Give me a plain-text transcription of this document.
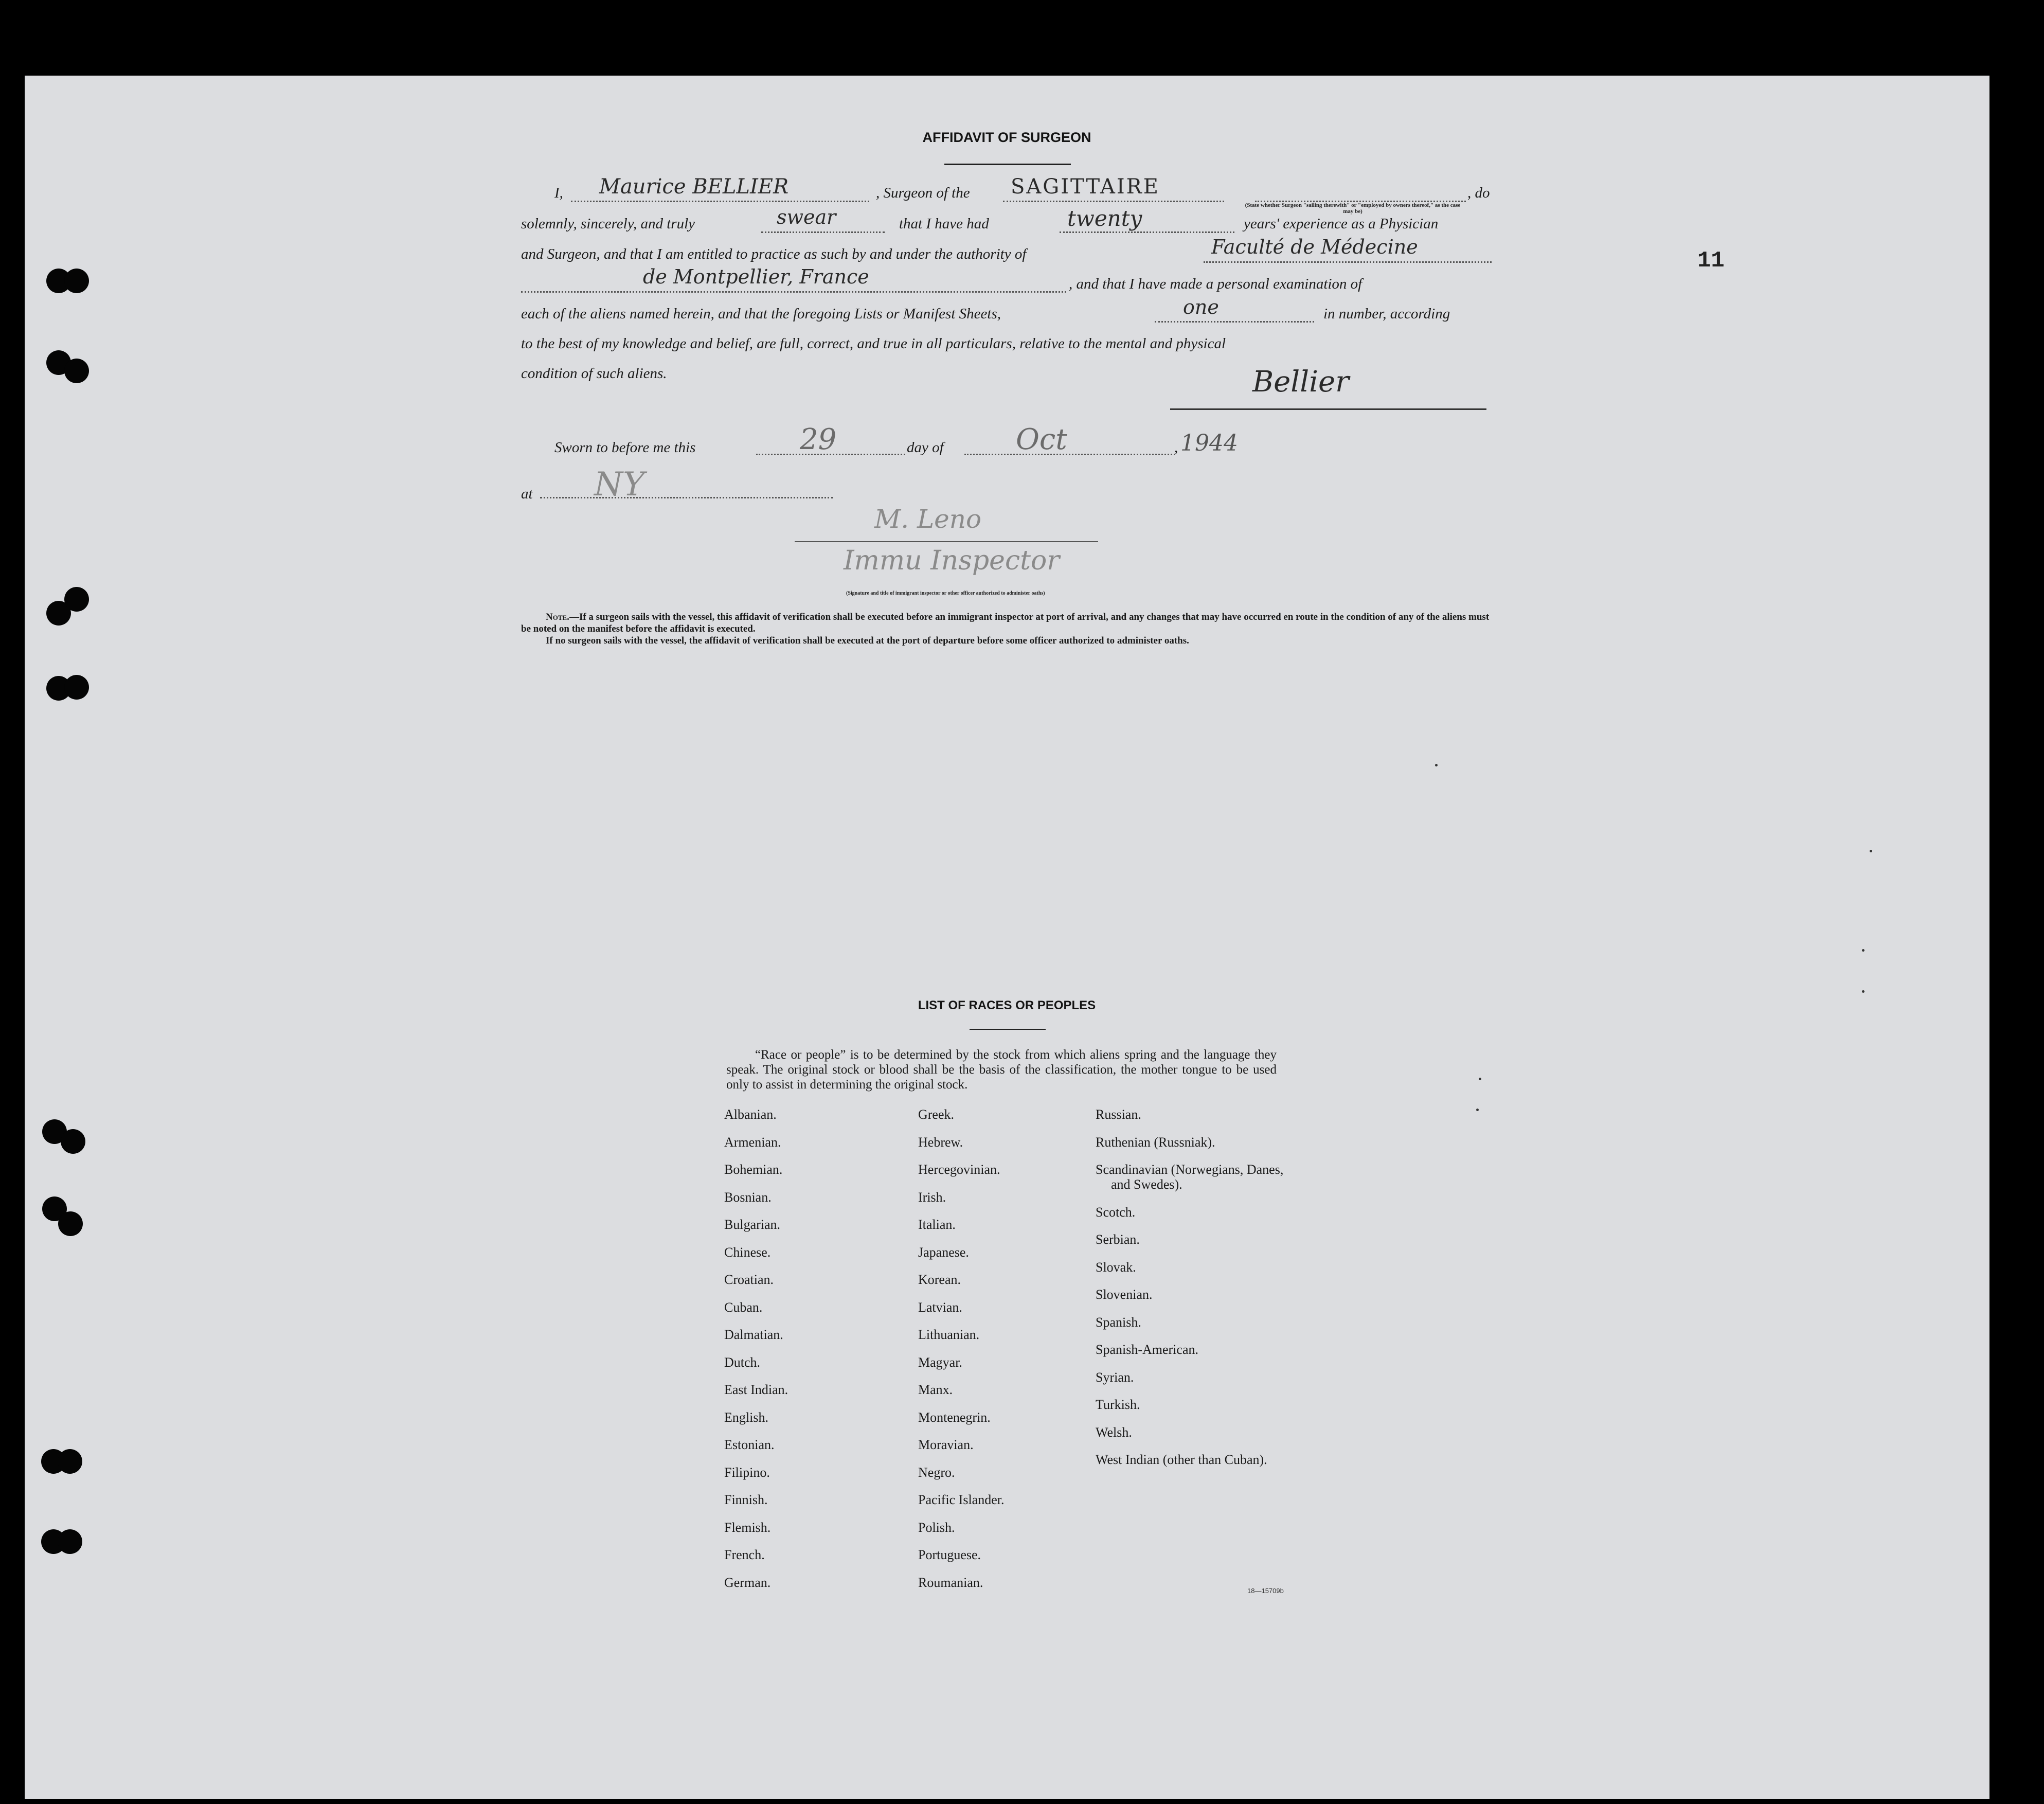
11
AFFIDAVIT OF SURGEON
I,	, Surgeon of the	, do
Maurice BELLIER	SAGITTAIRE
(State whether Surgeon "sailing therewith" or "employed by owners thereof," as the case may be)
solemnly, sincerely, and truly	that I have had	years' experience as a Physician
swear	twenty
and Surgeon, and that I am entitled to practice as such by and under the authority of	Faculté de Médecine
, and that I have made a personal examination of
de Montpellier, France
each of the aliens named herein, and that the foregoing Lists or Manifest Sheets,	in number, according
one
to the best of my knowledge and belief, are full, correct, and true in all particulars, relative to the mental and physical
condition of such aliens.	Bellier
Sworn to before me this	day of	,
29	Oct	1944
at NY
M. Leno
Immu Inspector
(Signature and title of immigrant inspector or other officer authorized to administer oaths)
Note.—If a surgeon sails with the vessel, this affidavit of verification shall be executed before an immigrant inspector at port of arrival, and any changes that may have occurred en route in the condition of any of the aliens must be noted on the manifest before the affidavit is executed.
If no surgeon sails with the vessel, the affidavit of verification shall be executed at the port of departure before some officer authorized to administer oaths.
LIST OF RACES OR PEOPLES
“Race or people” is to be determined by the stock from which aliens spring and the language they speak. The original stock or blood shall be the basis of the classification, the mother tongue to be used only to assist in determining the original stock.
Albanian.
Armenian.
Bohemian.
Bosnian.
Bulgarian.
Chinese.
Croatian.
Cuban.
Dalmatian.
Dutch.
East Indian.
English.
Estonian.
Filipino.
Finnish.
Flemish.
French.
German.
Greek.
Hebrew.
Hercegovinian.
Irish.
Italian.
Japanese.
Korean.
Latvian.
Lithuanian.
Magyar.
Manx.
Montenegrin.
Moravian.
Negro.
Pacific Islander.
Polish.
Portuguese.
Roumanian.
Russian.
Ruthenian (Russniak).
Scandinavian (Norwegians, Danes, and Swedes).
Scotch.
Serbian.
Slovak.
Slovenian.
Spanish.
Spanish-American.
Syrian.
Turkish.
Welsh.
West Indian (other than Cuban).
18—15709b
